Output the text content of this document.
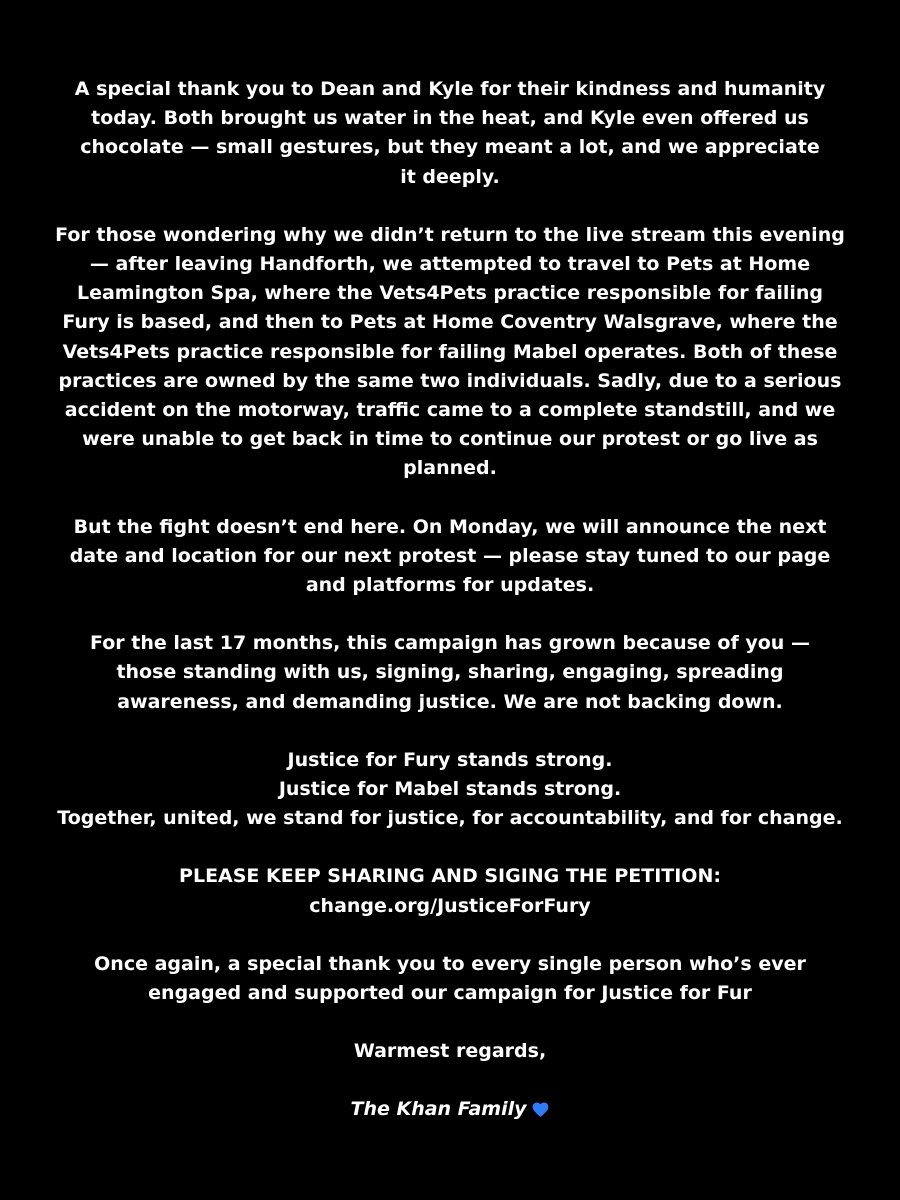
A special thank you to Dean and Kyle for their kindness and humanity today. Both brought us water in the heat, and Kyle even offered us chocolate — small gestures, but they meant a lot, and we appreciate it deeply.

For those wondering why we didn’t return to the live stream this evening — after leaving Handforth, we attempted to travel to Pets at Home Leamington Spa, where the Vets4Pets practice responsible for failing Fury is based, and then to Pets at Home Coventry Walsgrave, where the Vets4Pets practice responsible for failing Mabel operates. Both of these practices are owned by the same two individuals. Sadly, due to a serious accident on the motorway, traffic came to a complete standstill, and we were unable to get back in time to continue our protest or go live as planned.

But the fight doesn’t end here. On Monday, we will announce the next date and location for our next protest — please stay tuned to our page and platforms for updates.

For the last 17 months, this campaign has grown because of you — those standing with us, signing, sharing, engaging, spreading awareness, and demanding justice. We are not backing down.

Justice for Fury stands strong.
Justice for Mabel stands strong.
Together, united, we stand for justice, for accountability, and for change.
PLEASE KEEP SHARING AND SIGING THE PETITION:
change.org/JusticeForFury

Once again, a special thank you to every single person who’s ever engaged and supported our campaign for Justice for Fur

Warmest regards,

The Khan Family
